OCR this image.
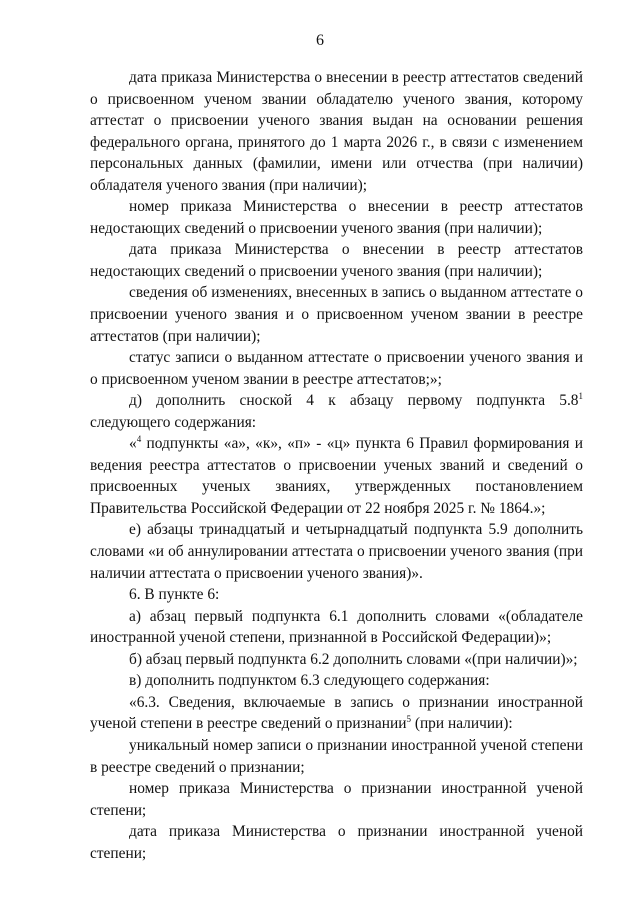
6

дата приказа Министерства о внесении в реестр аттестатов сведений о присвоенном ученом звании обладателю ученого звания, которому аттестат о присвоении ученого звания выдан на основании решения федерального органа, принятого до 1 марта 2026 г., в связи с изменением персональных данных (фамилии, имени или отчества (при наличии) обладателя ученого звания (при наличии);

номер приказа Министерства о внесении в реестр аттестатов недостающих сведений о присвоении ученого звания (при наличии);

дата приказа Министерства о внесении в реестр аттестатов недостающих сведений о присвоении ученого звания (при наличии);

сведения об изменениях, внесенных в запись о выданном аттестате о присвоении ученого звания и о присвоенном ученом звании в реестре аттестатов (при наличии);

статус записи о выданном аттестате о присвоении ученого звания и о присвоенном ученом звании в реестре аттестатов;»;

д) дополнить сноской 4 к абзацу первому подпункта $5.8^1$ следующего содержания:

«$^4$ подпункты «а», «к», «п» - «ц» пункта 6 Правил формирования и ведения реестра аттестатов о присвоении ученых званий и сведений о присвоенных ученых званиях, утвержденных постановлением Правительства Российской Федерации от 22 ноября 2025 г. № 1864.»;

е) абзацы тринадцатый и четырнадцатый подпункта 5.9 дополнить словами «и об аннулировании аттестата о присвоении ученого звания (при наличии аттестата о присвоении ученого звания)».

6. В пункте 6:

а) абзац первый подпункта 6.1 дополнить словами «(обладателе иностранной ученой степени, признанной в Российской Федерации)»;

б) абзац первый подпункта 6.2 дополнить словами «(при наличии)»;

в) дополнить подпунктом 6.3 следующего содержания:

«6.3. Сведения, включаемые в запись о признании иностранной ученой степени в реестре сведений о признании$^5$ (при наличии):

уникальный номер записи о признании иностранной ученой степени в реестре сведений о признании;

номер приказа Министерства о признании иностранной ученой степени;

дата приказа Министерства о признании иностранной ученой степени;
